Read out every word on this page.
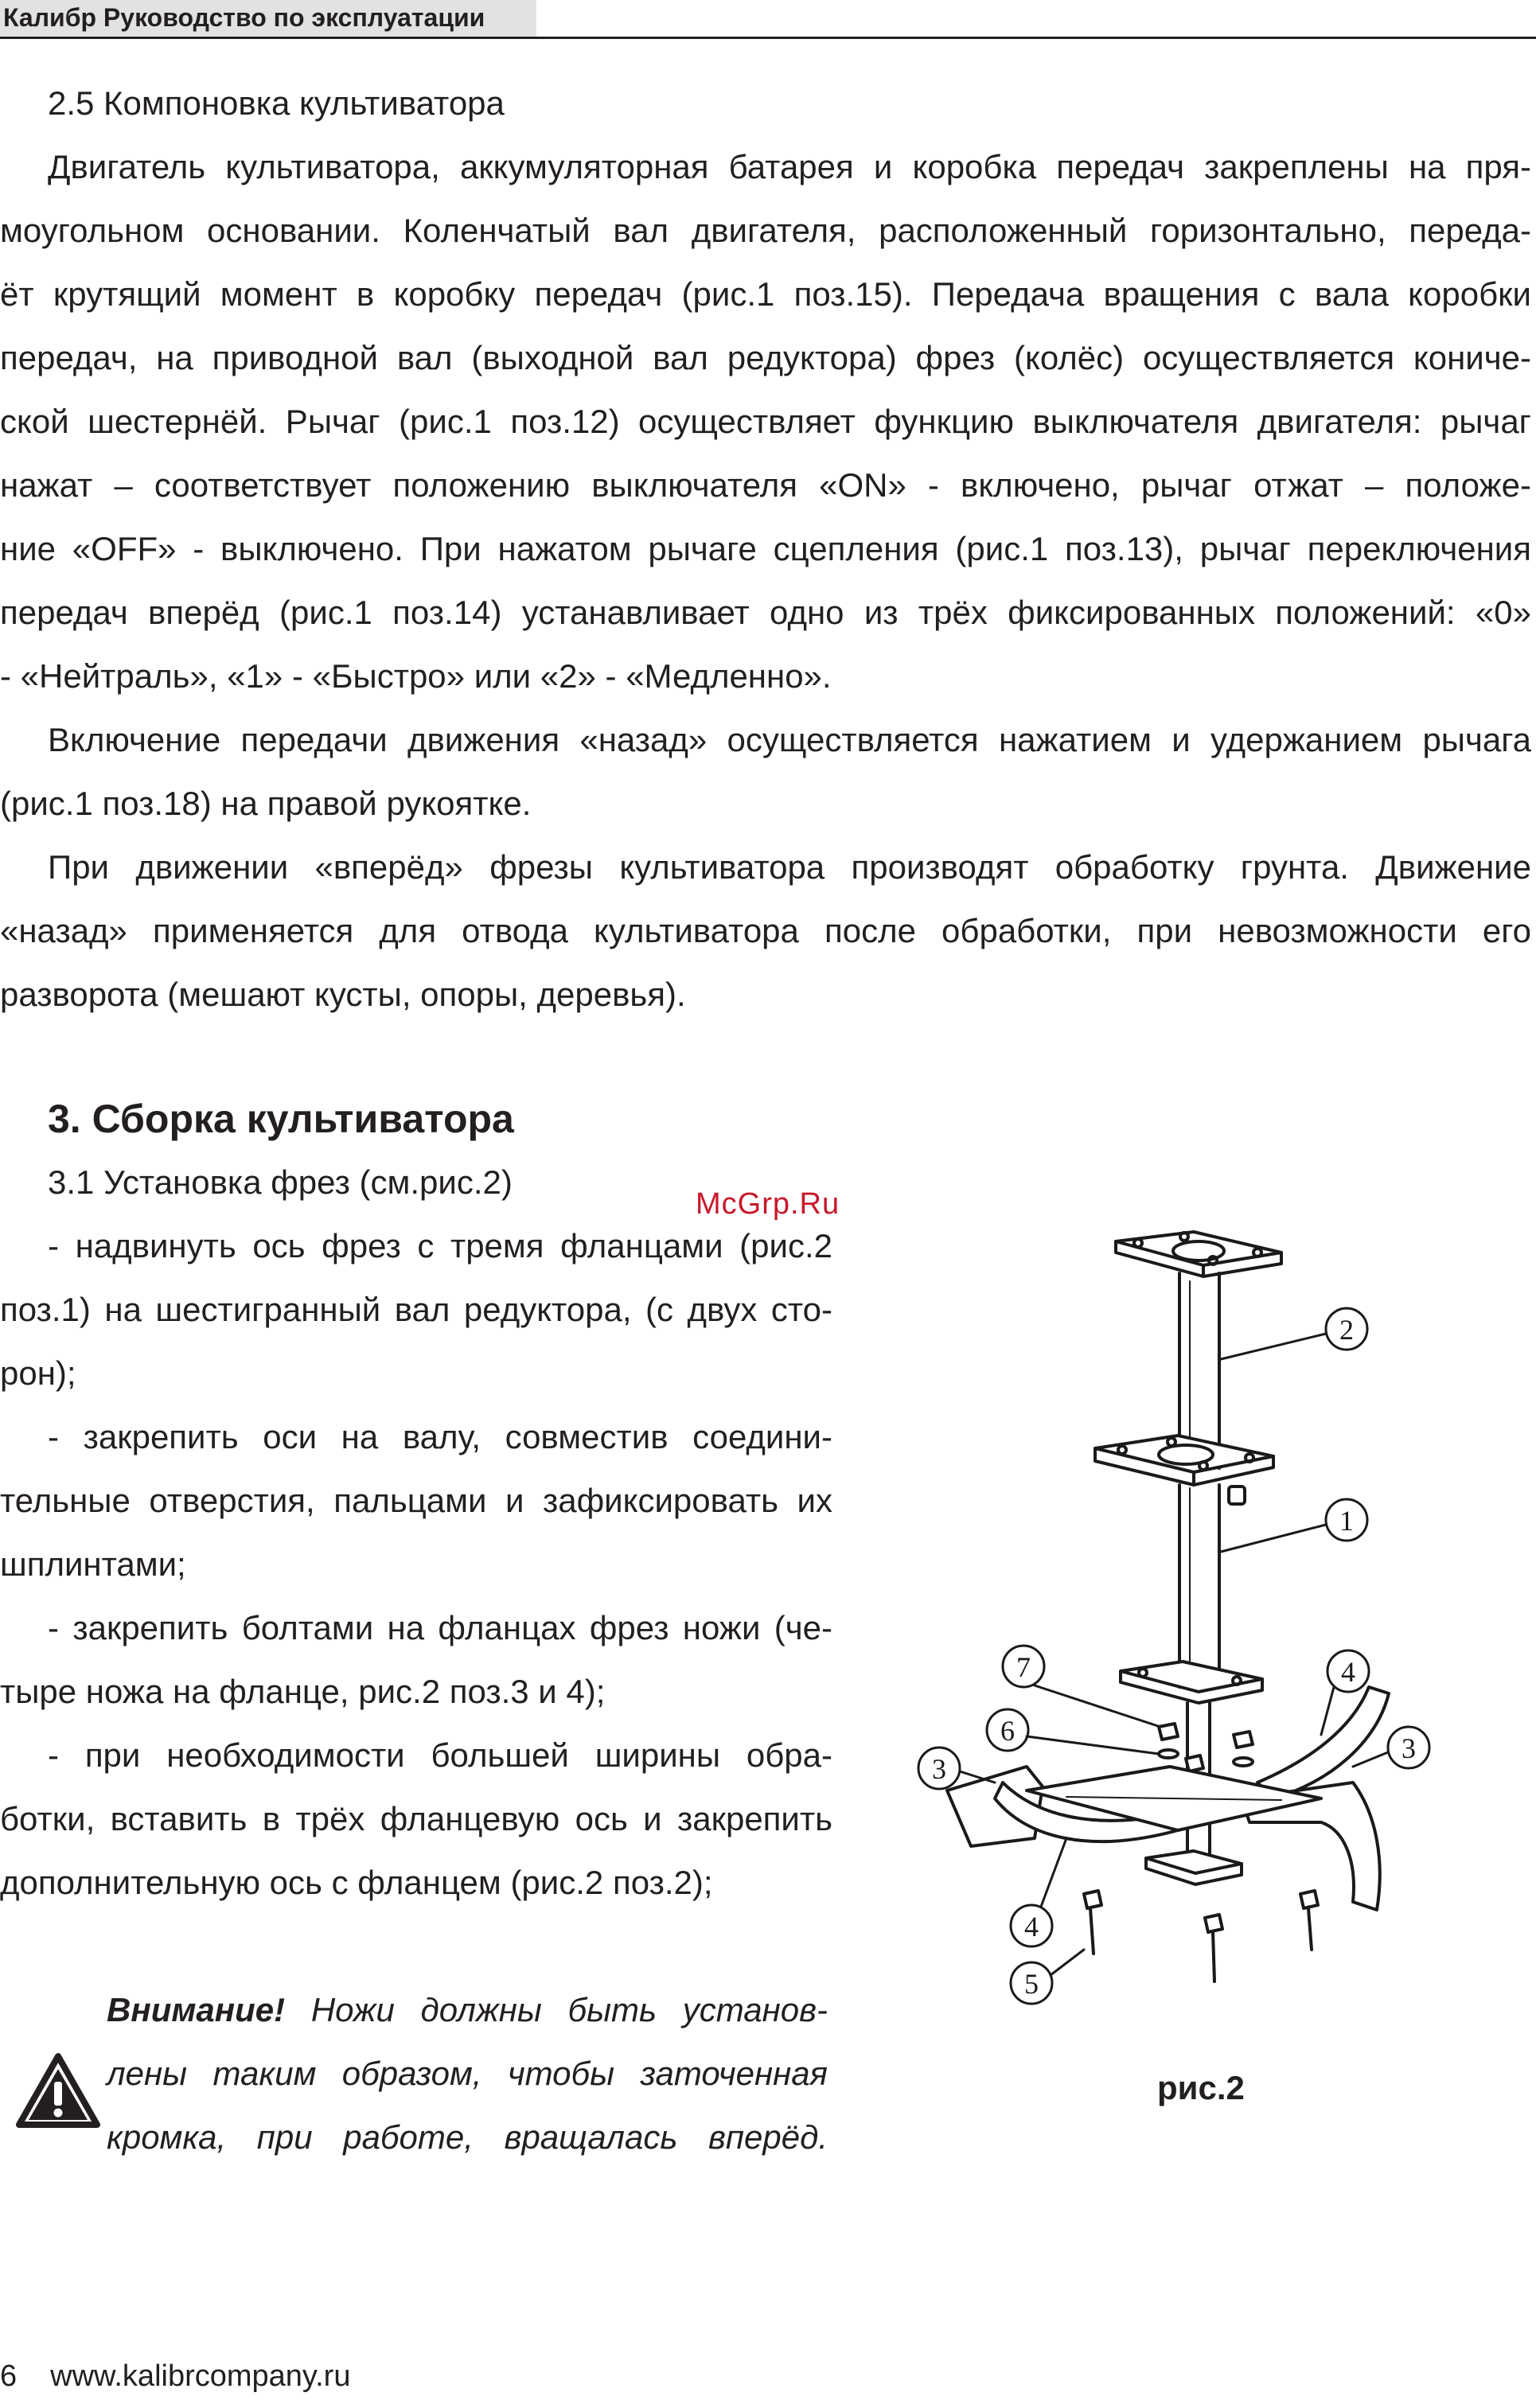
Калибр Руководство по эксплуатации
2.5 Компоновка культиватора
Двигатель культиватора, аккумуляторная батарея и коробка передач закреплены на пря-
моугольном основании. Коленчатый вал двигателя, расположенный горизонтально, переда-
ёт крутящий момент в коробку передач (рис.1 поз.15). Передача вращения с вала коробки
передач, на приводной вал (выходной вал редуктора) фрез (колёс) осуществляется кониче-
ской шестернёй. Рычаг (рис.1 поз.12) осуществляет функцию выключателя двигателя: рычаг
нажат – соответствует положению выключателя «ON» - включено, рычаг отжат – положе-
ние «OFF» - выключено. При нажатом рычаге сцепления (рис.1 поз.13), рычаг переключения
передач вперёд (рис.1 поз.14) устанавливает одно из трёх фиксированных положений: «0»
- «Нейтраль», «1» - «Быстро» или «2» - «Медленно».
Включение передачи движения «назад» осуществляется нажатием и удержанием рычага
(рис.1 поз.18) на правой рукоятке.
При движении «вперёд» фрезы культиватора производят обработку грунта. Движение
«назад» применяется для отвода культиватора после обработки, при невозможности его
разворота (мешают кусты, опоры, деревья).
3. Сборка культиватора
3.1 Установка фрез (см.рис.2)
McGrp.Ru
- надвинуть ось фрез с тремя фланцами (рис.2
поз.1) на шестигранный вал редуктора, (с двух сто-
рон);
- закрепить оси на валу, совместив соедини-
тельные отверстия, пальцами и зафиксировать их
шплинтами;
- закрепить болтами на фланцах фрез ножи (че-
тыре ножа на фланце, рис.2 поз.3 и 4);
- при необходимости большей ширины обра-
ботки, вставить в трёх фланцевую ось и закрепить
дополнительную ось с фланцем (рис.2 поз.2);
Внимание! Ножи должны быть установ-
лены таким образом, чтобы заточенная
кромка, при работе, вращалась вперёд.
2
1
7	4
6
3
3
4
5
рис.2
6 www.kalibrcompany.ru
